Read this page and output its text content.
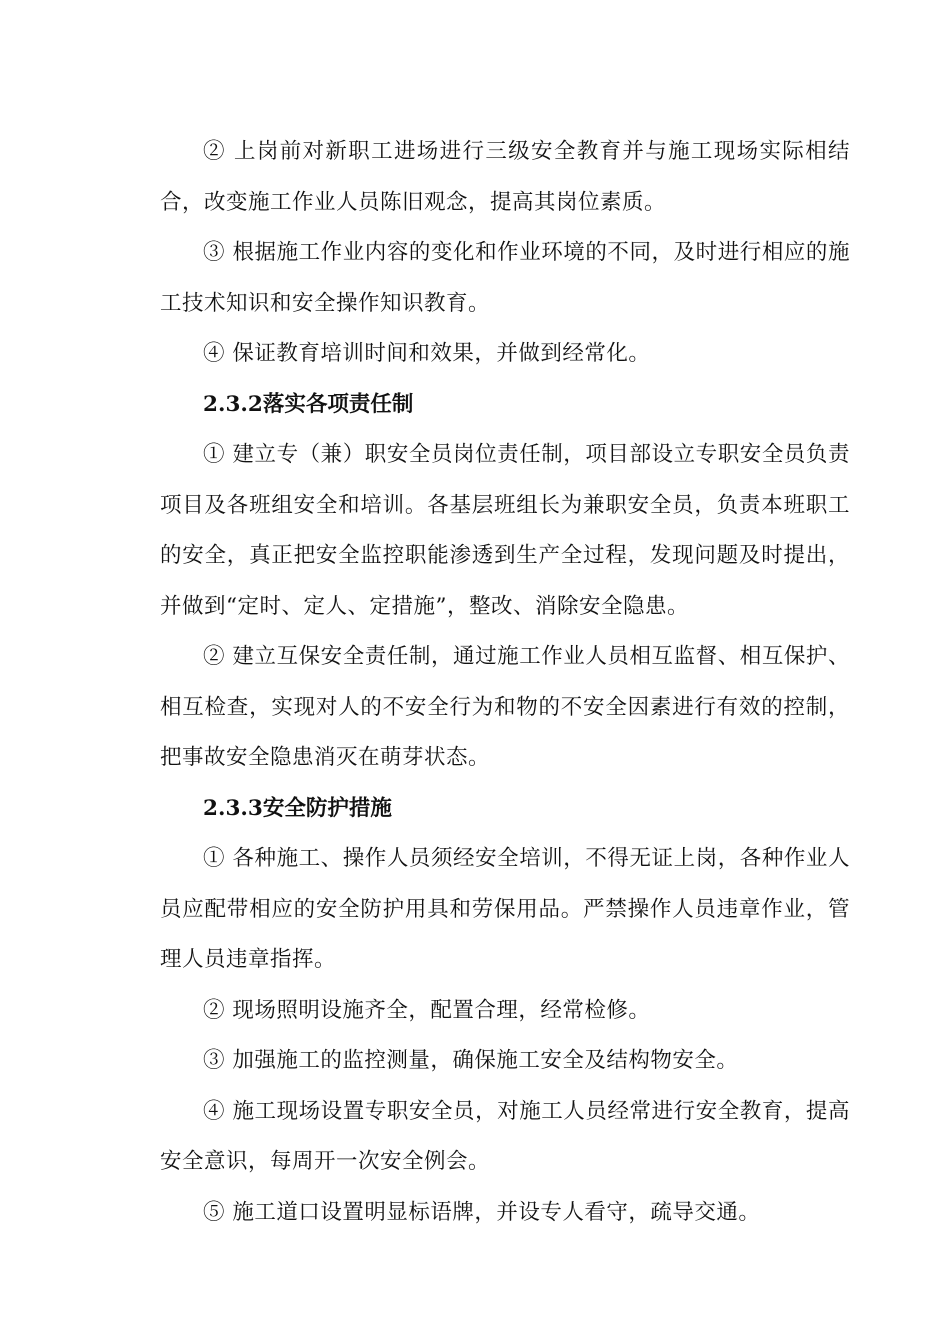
② 上岗前对新职工进场进行三级安全教育并与施工现场实际相结合，改变施工作业人员陈旧观念，提高其岗位素质。

③ 根据施工作业内容的变化和作业环境的不同，及时进行相应的施工技术知识和安全操作知识教育。

④ 保证教育培训时间和效果，并做到经常化。

2.3.2落实各项责任制

① 建立专（兼）职安全员岗位责任制，项目部设立专职安全员负责项目及各班组安全和培训。各基层班组长为兼职安全员，负责本班职工的安全，真正把安全监控职能渗透到生产全过程，发现问题及时提出，并做到“定时、定人、定措施”，整改、消除安全隐患。

② 建立互保安全责任制，通过施工作业人员相互监督、相互保护、相互检查，实现对人的不安全行为和物的不安全因素进行有效的控制，把事故安全隐患消灭在萌芽状态。

2.3.3安全防护措施

① 各种施工、操作人员须经安全培训，不得无证上岗，各种作业人员应配带相应的安全防护用具和劳保用品。严禁操作人员违章作业，管理人员违章指挥。

② 现场照明设施齐全，配置合理，经常检修。

③ 加强施工的监控测量，确保施工安全及结构物安全。

④ 施工现场设置专职安全员，对施工人员经常进行安全教育，提高安全意识，每周开一次安全例会。

⑤ 施工道口设置明显标语牌，并设专人看守，疏导交通。
